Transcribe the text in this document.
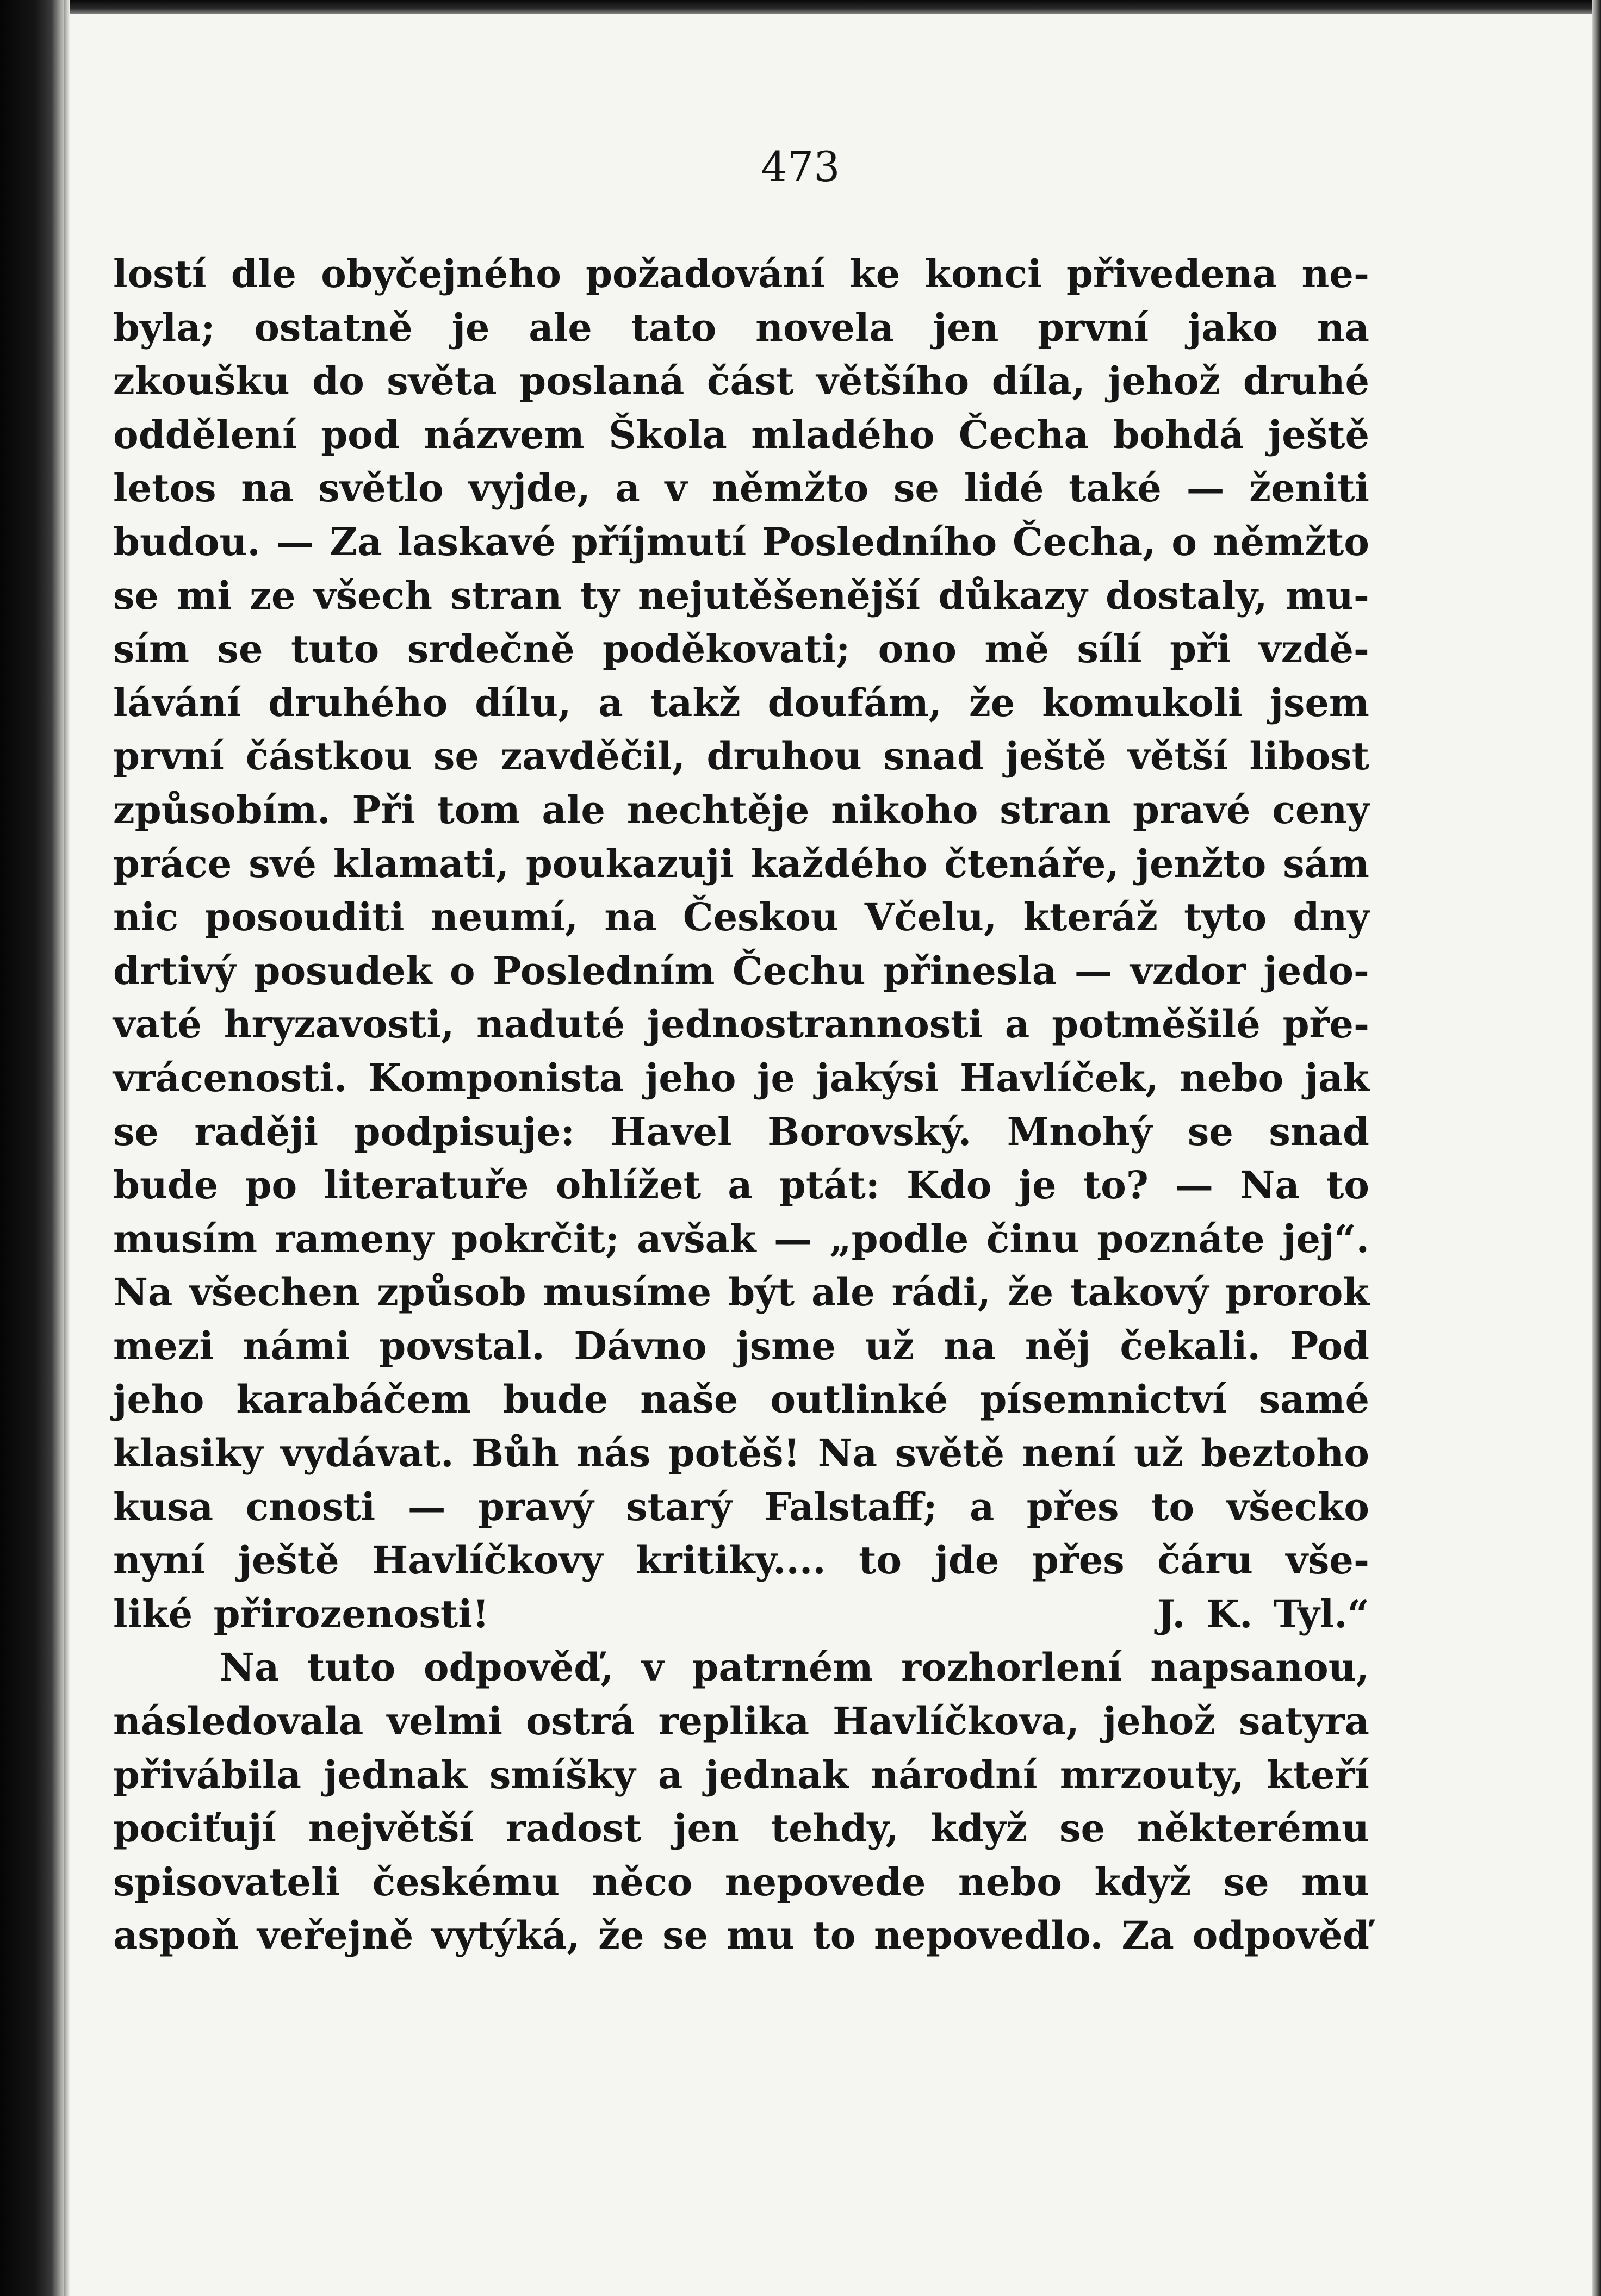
473

lostí dle obyčejného požadování ke konci přivedena ne-
byla; ostatně je ale tato novela jen první jako na
zkoušku do světa poslaná část většího díla, jehož druhé
oddělení pod názvem Škola mladého Čecha bohdá ještě
letos na světlo vyjde, a v němžto se lidé také — ženiti
budou. — Za laskavé příjmutí Posledního Čecha, o němžto
se mi ze všech stran ty nejutěšenější důkazy dostaly, mu-
sím se tuto srdečně poděkovati; ono mě sílí při vzdě-
lávání druhého dílu, a takž doufám, že komukoli jsem
první částkou se zavděčil, druhou snad ještě větší libost
způsobím. Při tom ale nechtěje nikoho stran pravé ceny
práce své klamati, poukazuji každého čtenáře, jenžto sám
nic posouditi neumí, na Českou Včelu, kteráž tyto dny
drtivý posudek o Posledním Čechu přinesla — vzdor jedo-
vaté hryzavosti, naduté jednostrannosti a potměšilé pře-
vrácenosti. Komponista jeho je jakýsi Havlíček, nebo jak
se raději podpisuje: Havel Borovský. Mnohý se snad
bude po literatuře ohlížet a ptát: Kdo je to? — Na to
musím rameny pokrčit; avšak — „podle činu poznáte jej“.
Na všechen způsob musíme být ale rádi, že takový prorok
mezi námi povstal. Dávno jsme už na něj čekali. Pod
jeho karabáčem bude naše outlinké písemnictví samé
klasiky vydávat. Bůh nás potěš! Na světě není už beztoho
kusa cnosti — pravý starý Falstaff; a přes to všecko
nyní ještě Havlíčkovy kritiky.... to jde přes čáru vše-
liké přirozenosti!                                J. K. Tyl.“
Na tuto odpověď, v patrném rozhorlení napsanou,
následovala velmi ostrá replika Havlíčkova, jehož satyra
přivábila jednak smíšky a jednak národní mrzouty, kteří
pociťují největší radost jen tehdy, když se některému
spisovateli českému něco nepovede nebo když se mu
aspoň veřejně vytýká, že se mu to nepovedlo. Za odpověď
